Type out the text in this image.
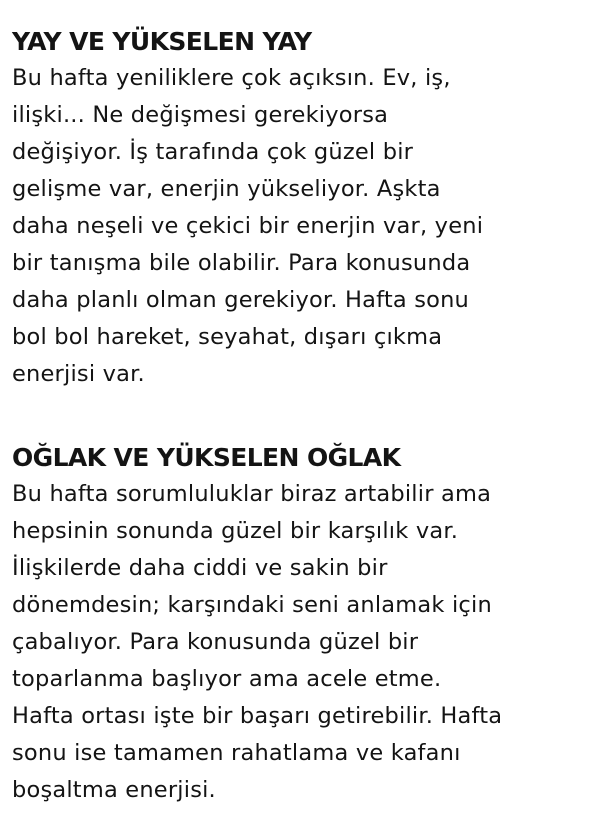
YAY VE YÜKSELEN YAY

Bu hafta yeniliklere çok açıksın. Ev, iş,

ilişki... Ne değişmesi gerekiyorsa

değişiyor. İş tarafında çok güzel bir

gelişme var, enerjin yükseliyor. Aşkta

daha neşeli ve çekici bir enerjin var, yeni

bir tanışma bile olabilir. Para konusunda

daha planlı olman gerekiyor. Hafta sonu

bol bol hareket, seyahat, dışarı çıkma

enerjisi var.

OĞLAK VE YÜKSELEN OĞLAK

Bu hafta sorumluluklar biraz artabilir ama

hepsinin sonunda güzel bir karşılık var.

İlişkilerde daha ciddi ve sakin bir

dönemdesin; karşındaki seni anlamak için

çabalıyor. Para konusunda güzel bir

toparlanma başlıyor ama acele etme.

Hafta ortası işte bir başarı getirebilir. Hafta

sonu ise tamamen rahatlama ve kafanı

boşaltma enerjisi.
